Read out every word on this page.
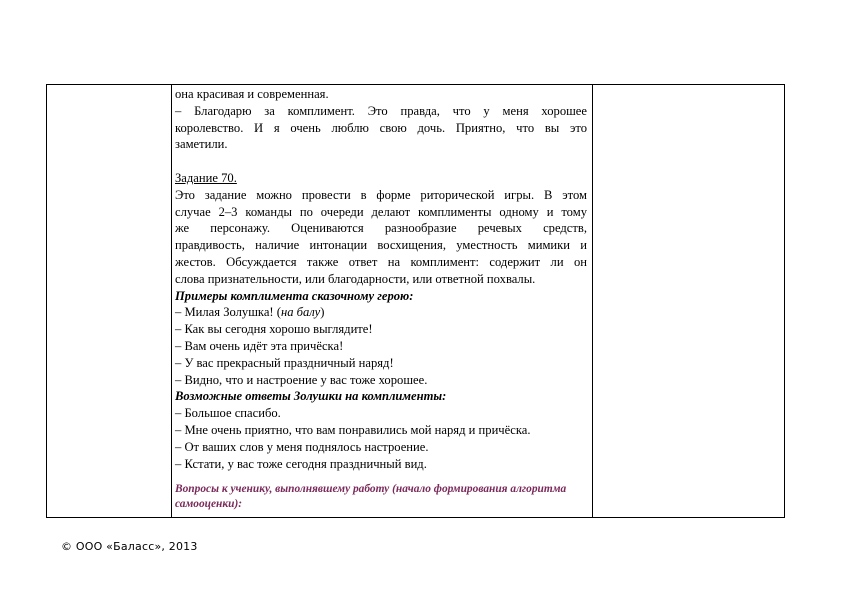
она красивая и современная.
– Благодарю за комплимент. Это правда, что у меня хорошее
королевство. И я очень люблю свою дочь. Приятно, что вы это
заметили.
Задание 70.
Это задание можно провести в форме риторической игры. В этом
случае 2–3 команды по очереди делают комплименты одному и тому
же персонажу. Оцениваются разнообразие речевых средств,
правдивость, наличие интонации восхищения, уместность мимики и
жестов. Обсуждается также ответ на комплимент: содержит ли он
слова признательности, или благодарности, или ответной похвалы.
Примеры комплимента сказочному герою:
– Милая Золушка! (на балу)
– Как вы сегодня хорошо выглядите!
– Вам очень идёт эта причёска!
– У вас прекрасный праздничный наряд!
– Видно, что и настроение у вас тоже хорошее.
Возможные ответы Золушки на комплименты:
– Большое спасибо.
– Мне очень приятно, что вам понравились мой наряд и причёска.
– От ваших слов у меня поднялось настроение.
– Кстати, у вас тоже сегодня праздничный вид.
Вопросы к ученику, выполнявшему работу (начало формирования алгоритма
самооценки):
© ООО «Баласс», 2013
